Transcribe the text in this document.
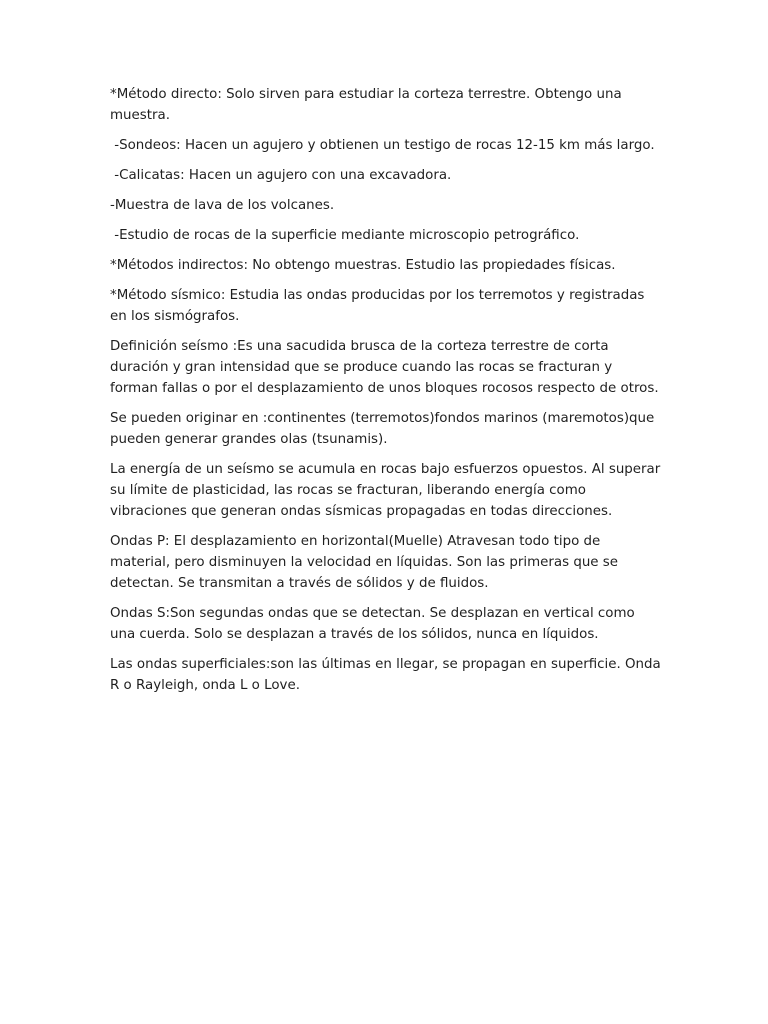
*Método directo: Solo sirven para estudiar la corteza terrestre. Obtengo una muestra.

-Sondeos: Hacen un agujero y obtienen un testigo de rocas 12-15 km más largo.

-Calicatas: Hacen un agujero con una excavadora.

-Muestra de lava de los volcanes.

-Estudio de rocas de la superficie mediante microscopio petrográfico.

*Métodos indirectos: No obtengo muestras. Estudio las propiedades físicas.

*Método sísmico: Estudia las ondas producidas por los terremotos y registradas en los sismógrafos.

Definición seísmo :Es una sacudida brusca de la corteza terrestre de corta duración y gran intensidad que se produce cuando las rocas se fracturan y forman fallas o por el desplazamiento de unos bloques rocosos respecto de otros.

Se pueden originar en :continentes (terremotos)fondos marinos (maremotos)que pueden generar grandes olas (tsunamis).

La energía de un seísmo se acumula en rocas bajo esfuerzos opuestos. Al superar su límite de plasticidad, las rocas se fracturan, liberando energía como vibraciones que generan ondas sísmicas propagadas en todas direcciones.

Ondas P: El desplazamiento en horizontal(Muelle) Atravesan todo tipo de material, pero disminuyen la velocidad en líquidas. Son las primeras que se detectan. Se transmitan a través de sólidos y de fluidos.

Ondas S:Son segundas ondas que se detectan. Se desplazan en vertical como una cuerda. Solo se desplazan a través de los sólidos, nunca en líquidos.

Las ondas superficiales:son las últimas en llegar, se propagan en superficie. Onda R o Rayleigh, onda L o Love.
